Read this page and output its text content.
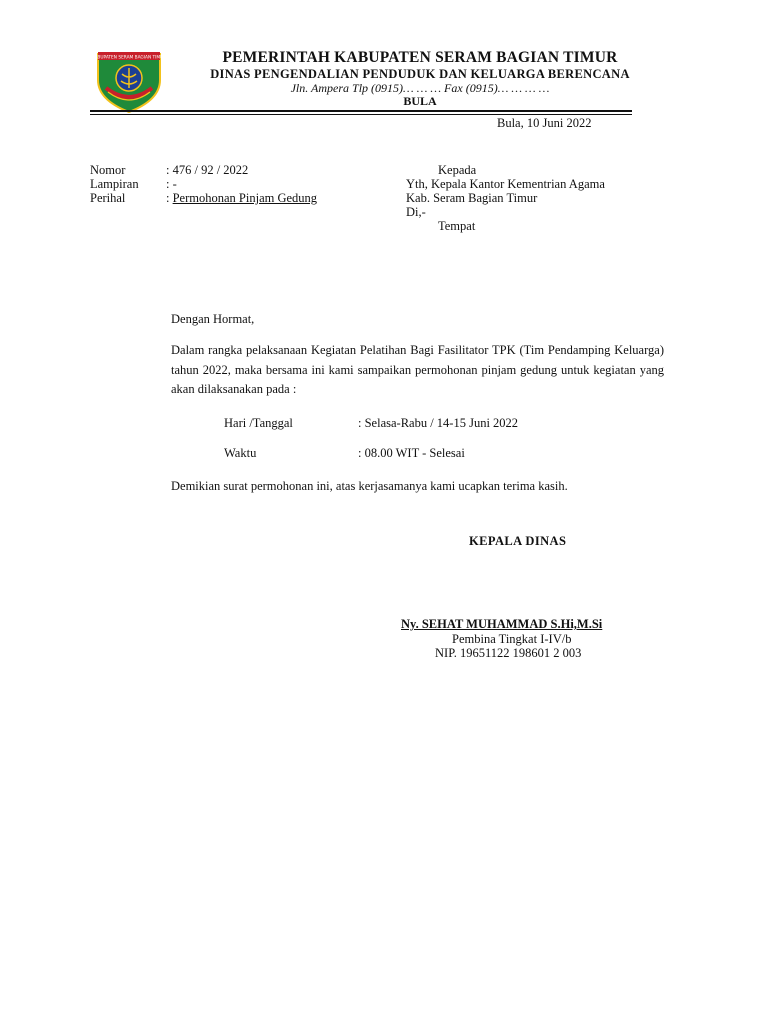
KABUPATEN SERAM BAGIAN TIMUR	PEMERINTAH KABUPATEN SERAM BAGIAN TIMUR
DINAS PENGENDALIAN PENDUDUK DAN KELUARGA BERENCANA
Jln. Ampera Tlp (0915)… … … Fax (0915)… … … …
BULA
Bula, 10 Juni 2022
Nomor	: 476 / 92 / 2022
Lampiran : -
Perihal	: Permohonan Pinjam Gedung
Kepada
Yth, Kepala Kantor Kementrian Agama
Kab. Seram Bagian Timur
Di,-
Tempat
Dengan Hormat,
Dalam rangka pelaksanaan Kegiatan Pelatihan Bagi Fasilitator TPK (Tim Pendamping Keluarga) tahun 2022, maka bersama ini kami sampaikan permohonan pinjam gedung untuk kegiatan yang akan dilaksanakan pada :
Hari /Tanggal	: Selasa-Rabu / 14-15 Juni 2022
Waktu	: 08.00 WIT - Selesai
Demikian surat permohonan ini, atas kerjasamanya kami ucapkan terima kasih.
KEPALA DINAS
Ny. SEHAT MUHAMMAD S.Hi,M.Si
Pembina Tingkat I-IV/b
NIP. 19651122 198601 2 003
